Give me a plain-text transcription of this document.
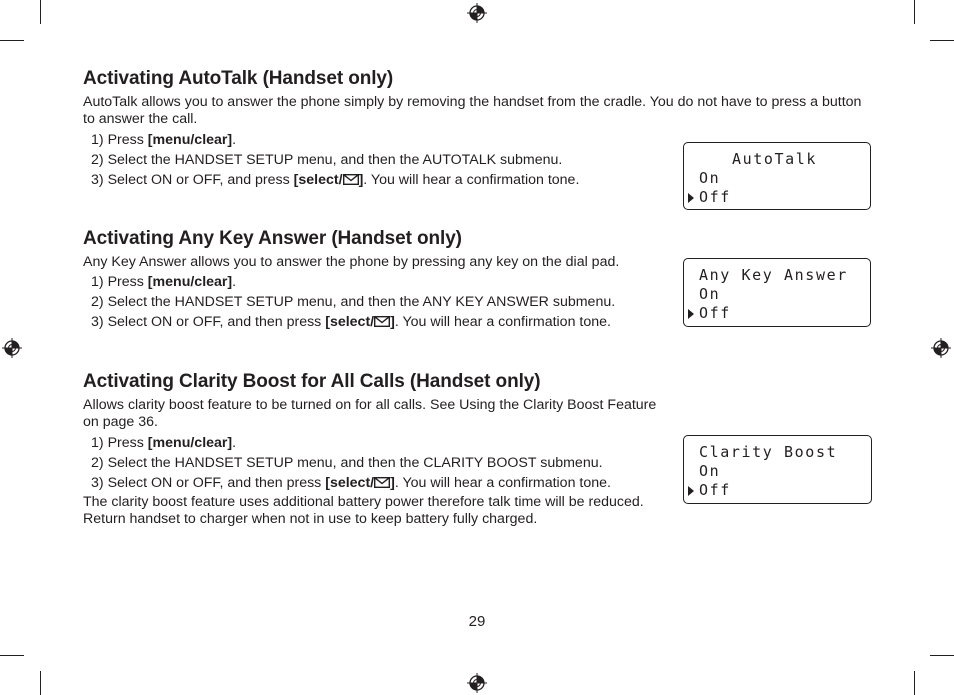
Activating AutoTalk (Handset only)

AutoTalk allows you to answer the phone simply by removing the handset from the cradle. You do not have to press a button to answer the call.

1) Press [menu/clear].
2) Select the HANDSET SETUP menu, and then the AUTOTALK submenu.
3) Select ON or OFF, and press [select/ ]. You will hear a confirmation tone.
AutoTalk
On
Off
Activating Any Key Answer (Handset only)

Any Key Answer allows you to answer the phone by pressing any key on the dial pad.

1) Press [menu/clear].
2) Select the HANDSET SETUP menu, and then the ANY KEY ANSWER submenu.
3) Select ON or OFF, and then press [select/ ]. You will hear a confirmation tone.
Any Key Answer
On
Off
Activating Clarity Boost for All Calls (Handset only)

Allows clarity boost feature to be turned on for all calls. See Using the Clarity Boost Feature on page 36.

1) Press [menu/clear].
2) Select the HANDSET SETUP menu, and then the CLARITY BOOST submenu.
3) Select ON or OFF, and then press [select/ ]. You will hear a confirmation tone.

The clarity boost feature uses additional battery power therefore talk time will be reduced. Return handset to charger when not in use to keep battery fully charged.

Clarity Boost
On
Off
29
